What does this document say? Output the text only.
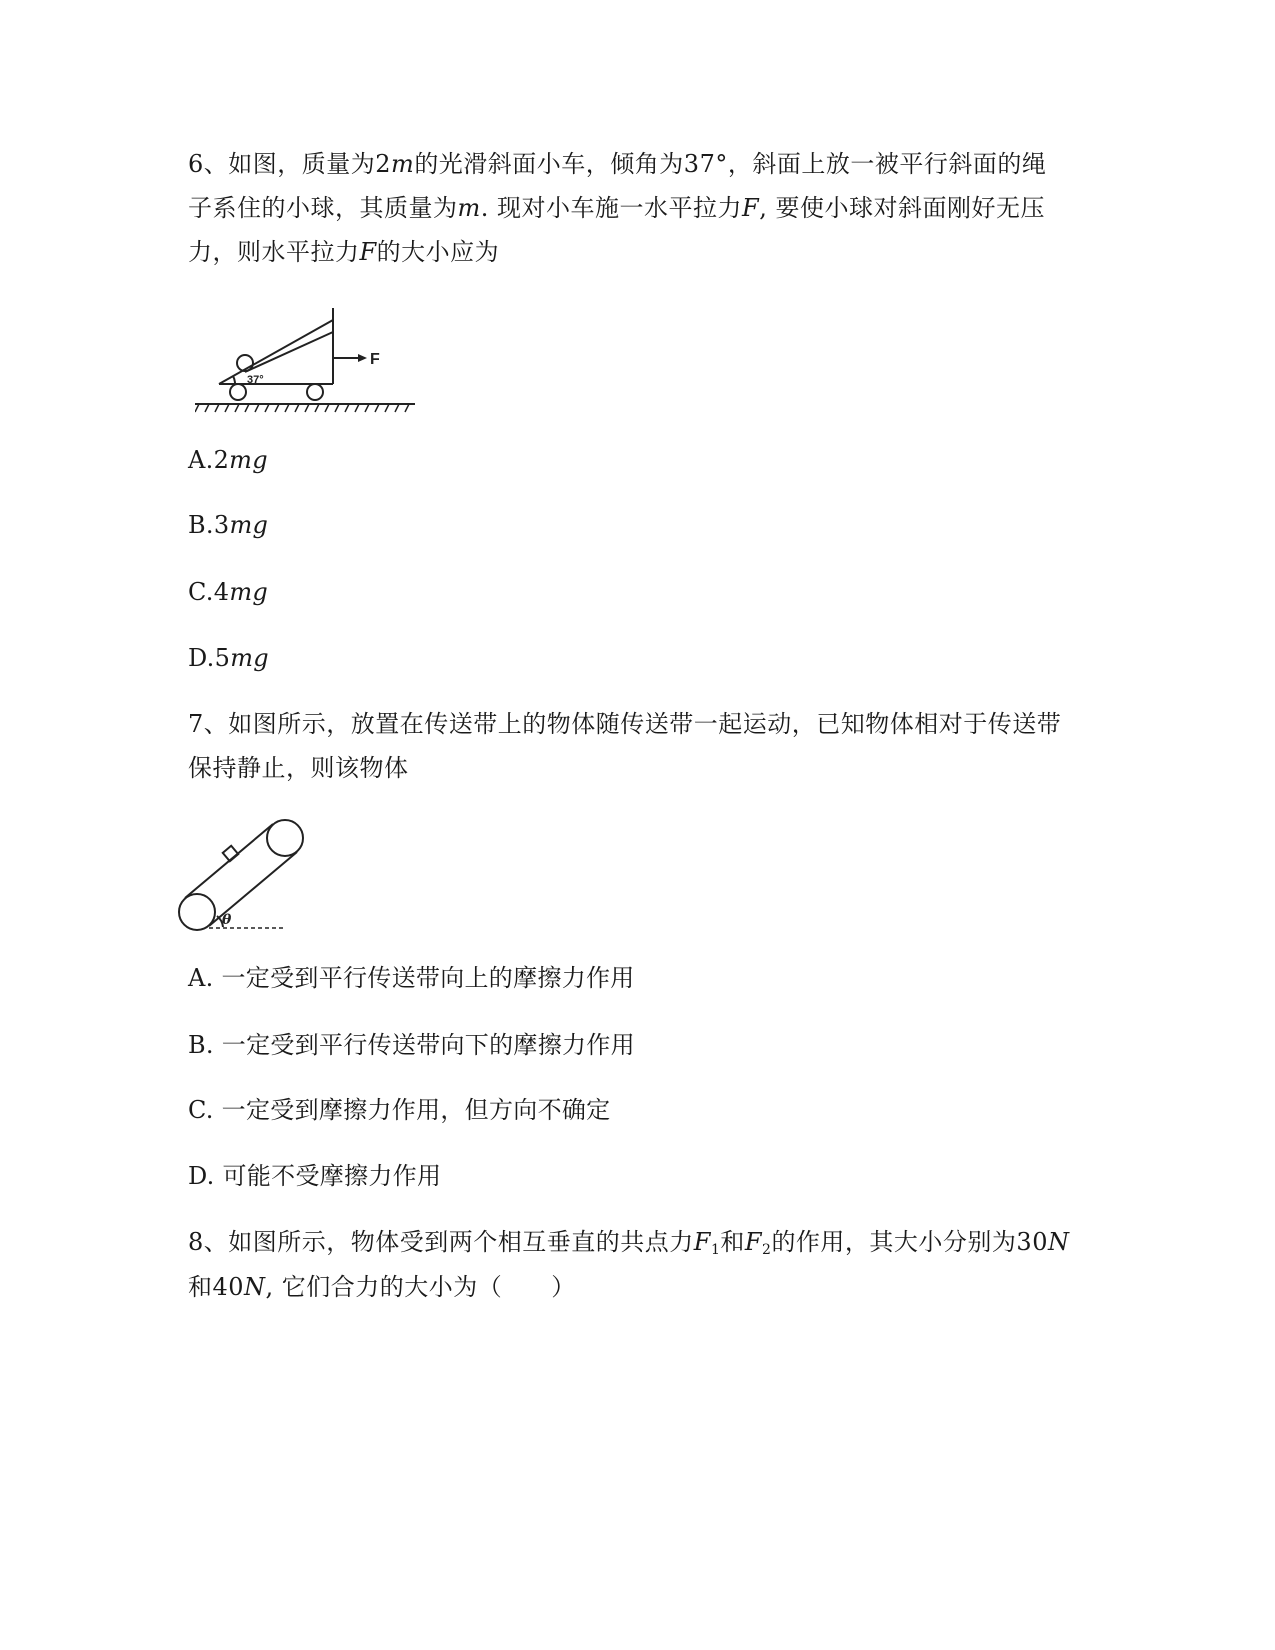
6、如图，质量为2m的光滑斜面小车，倾角为37°，斜面上放一被平行斜面的绳
子系住的小球，其质量为m. 现对小车施一水平拉力F, 要使小球对斜面刚好无压
力，则水平拉力F的大小应为
37°
F
A.2mg
B.3mg
C.4mg
D.5mg
7、如图所示，放置在传送带上的物体随传送带一起运动，已知物体相对于传送带
保持静止，则该物体
θ
A. 一定受到平行传送带向上的摩擦力作用
B. 一定受到平行传送带向下的摩擦力作用
C. 一定受到摩擦力作用，但方向不确定
D. 可能不受摩擦力作用
8、如图所示，物体受到两个相互垂直的共点力$F_1$和$F_2$的作用，其大小分别为30N
和40N, 它们合力的大小为（　　）
